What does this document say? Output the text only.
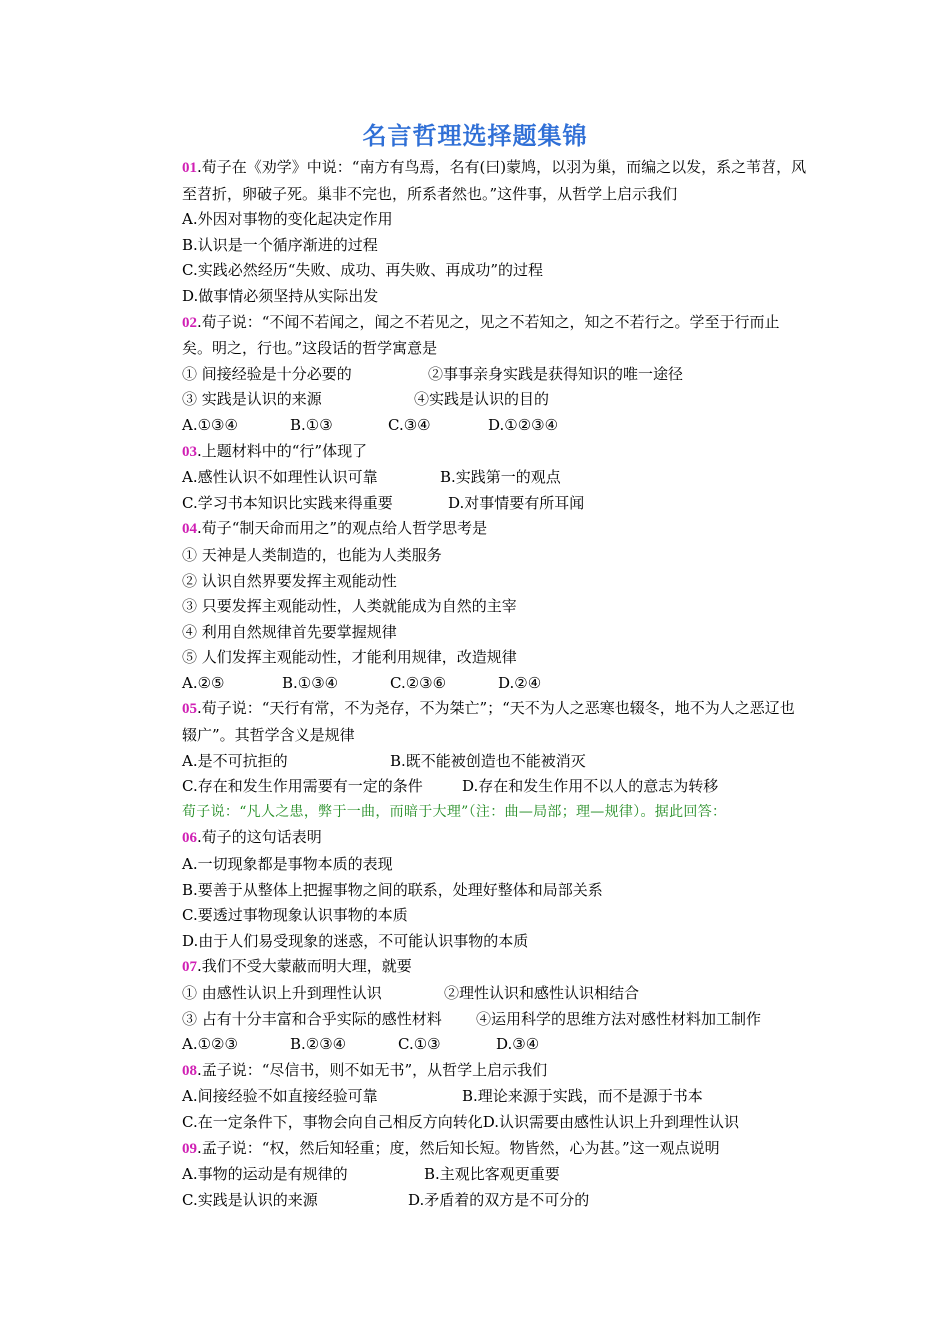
名言哲理选择题集锦
01.荀子在《劝学》中说：“南方有鸟焉，名有(曰)蒙鸠，以羽为巢，而编之以发，系之苇苕，风至苕折，卵破子死。巢非不完也，所系者然也。”这件事，从哲学上启示我们
A.外因对事物的变化起决定作用
B.认识是一个循序渐进的过程
C.实践必然经历“失败、成功、再失败、再成功”的过程
D.做事情必须坚持从实际出发
02.荀子说：“不闻不若闻之，闻之不若见之，见之不若知之，知之不若行之。学至于行而止矣。明之，行也。”这段话的哲学寓意是
① 间接经验是十分必要的	②事事亲身实践是获得知识的唯一途径
③ 实践是认识的来源	④实践是认识的目的
A.①③④	B.①③	C.③④	D.①②③④
03.上题材料中的“行”体现了
A.感性认识不如理性认识可靠	B.实践第一的观点
C.学习书本知识比实践来得重要	D.对事情要有所耳闻
04.荀子“制天命而用之”的观点给人哲学思考是
① 天神是人类制造的，也能为人类服务
② 认识自然界要发挥主观能动性
③ 只要发挥主观能动性，人类就能成为自然的主宰
④ 利用自然规律首先要掌握规律
⑤ 人们发挥主观能动性，才能利用规律，改造规律
A.②⑤	B.①③④	C.②③⑥	D.②④
05.荀子说：“天行有常，不为尧存，不为桀亡”；“天不为人之恶寒也辍冬，地不为人之恶辽也辍广”。其哲学含义是规律
A.是不可抗拒的	B.既不能被创造也不能被消灭
C.存在和发生作用需要有一定的条件	D.存在和发生作用不以人的意志为转移
荀子说：“凡人之患，弊于一曲，而暗于大理”（注：曲—局部；理—规律）。据此回答：
06.荀子的这句话表明
A.一切现象都是事物本质的表现
B.要善于从整体上把握事物之间的联系，处理好整体和局部关系
C.要透过事物现象认识事物的本质
D.由于人们易受现象的迷惑，不可能认识事物的本质
07.我们不受大蒙蔽而明大理，就要
① 由感性认识上升到理性认识	②理性认识和感性认识相结合
③ 占有十分丰富和合乎实际的感性材料 ④运用科学的思维方法对感性材料加工制作
A.①②③	B.②③④	C.①③	D.③④
08.孟子说：“尽信书，则不如无书”，从哲学上启示我们
A.间接经验不如直接经验可靠	B.理论来源于实践，而不是源于书本
C.在一定条件下，事物会向自己相反方向转化D.认识需要由感性认识上升到理性认识
09.孟子说：“权，然后知轻重；度，然后知长短。物皆然，心为甚。”这一观点说明
A.事物的运动是有规律的	B.主观比客观更重要
C.实践是认识的来源	D.矛盾着的双方是不可分的
